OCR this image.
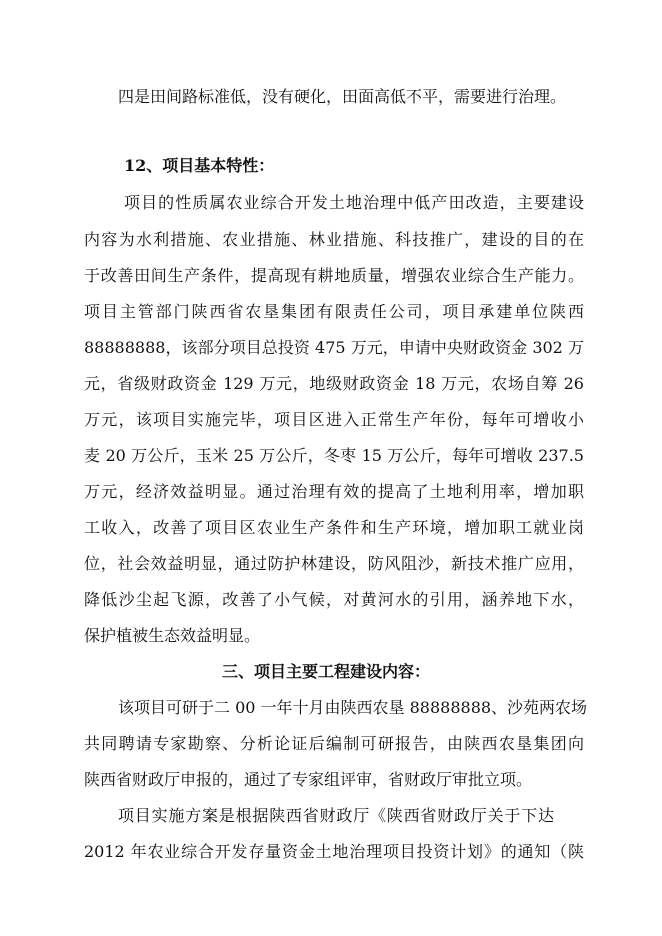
四是田间路标准低，没有硬化，田面高低不平，需要进行治理。
12、项目基本特性：
项目的性质属农业综合开发土地治理中低产田改造，主要建设
内容为水利措施、农业措施、林业措施、科技推广，建设的目的在
于改善田间生产条件，提高现有耕地质量，增强农业综合生产能力。
项目主管部门陕西省农垦集团有限责任公司，项目承建单位陕西
88888888，该部分项目总投资 475 万元，申请中央财政资金 302 万
元，省级财政资金 129 万元，地级财政资金 18 万元，农场自筹 26
万元，该项目实施完毕，项目区进入正常生产年份，每年可增收小
麦 20 万公斤，玉米 25 万公斤，冬枣 15 万公斤，每年可增收 237.5
万元，经济效益明显。通过治理有效的提高了土地利用率，增加职
工收入，改善了项目区农业生产条件和生产环境，增加职工就业岗
位，社会效益明显，通过防护林建设，防风阻沙，新技术推广应用，
降低沙尘起飞源，改善了小气候，对黄河水的引用，涵养地下水，
保护植被生态效益明显。
三、项目主要工程建设内容：
该项目可研于二 00 一年十月由陕西农垦 88888888、沙苑两农场
共同聘请专家勘察、分析论证后编制可研报告，由陕西农垦集团向
陕西省财政厅申报的，通过了专家组评审，省财政厅审批立项。
项目实施方案是根据陕西省财政厅《陕西省财政厅关于下达
2012 年农业综合开发存量资金土地治理项目投资计划》的通知（陕
